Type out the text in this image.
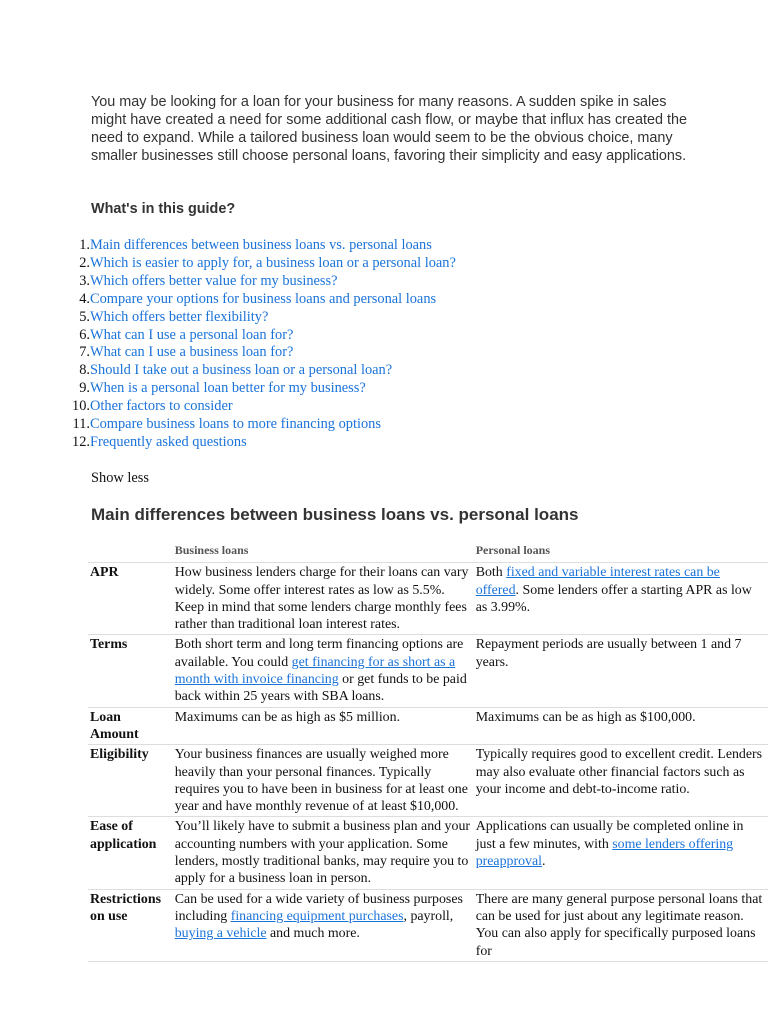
You may be looking for a loan for your business for many reasons. A sudden spike in sales might have created a need for some additional cash flow, or maybe that influx has created the need to expand. While a tailored business loan would seem to be the obvious choice, many smaller businesses still choose personal loans, favoring their simplicity and easy applications.

What's in this guide?
1. Main differences between business loans vs. personal loans
2. Which is easier to apply for, a business loan or a personal loan?
3. Which offers better value for my business?
4. Compare your options for business loans and personal loans
5. Which offers better flexibility?
6. What can I use a personal loan for?
7. What can I use a business loan for?
8. Should I take out a business loan or a personal loan?
9. When is a personal loan better for my business?
10. Other factors to consider
11. Compare business loans to more financing options
12. Frequently asked questions

Show less

Main differences between business loans vs. personal loans
	Business loans	Personal loans
APR	How business lenders charge for their loans can vary widely. Some offer interest rates as low as 5.5%. Keep in mind that some lenders charge monthly fees rather than traditional loan interest rates.	Both fixed and variable interest rates can be offered. Some lenders offer a starting APR as low as 3.99%.
Terms	Both short term and long term financing options are available. You could get financing for as short as a month with invoice financing or get funds to be paid back within 25 years with SBA loans.	Repayment periods are usually between 1 and 7 years.
Loan Amount	Maximums can be as high as $5 million.	Maximums can be as high as $100,000.
Eligibility	Your business finances are usually weighed more heavily than your personal finances. Typically requires you to have been in business for at least one year and have monthly revenue of at least $10,000.	Typically requires good to excellent credit. Lenders may also evaluate other financial factors such as your income and debt-to-income ratio.
Ease of application	You’ll likely have to submit a business plan and your accounting numbers with your application. Some lenders, mostly traditional banks, may require you to apply for a business loan in person.	Applications can usually be completed online in just a few minutes, with some lenders offering preapproval.
Restrictions on use	Can be used for a wide variety of business purposes including financing equipment purchases, payroll, buying a vehicle and much more.	There are many general purpose personal loans that can be used for just about any legitimate reason. You can also apply for specifically purposed loans for
